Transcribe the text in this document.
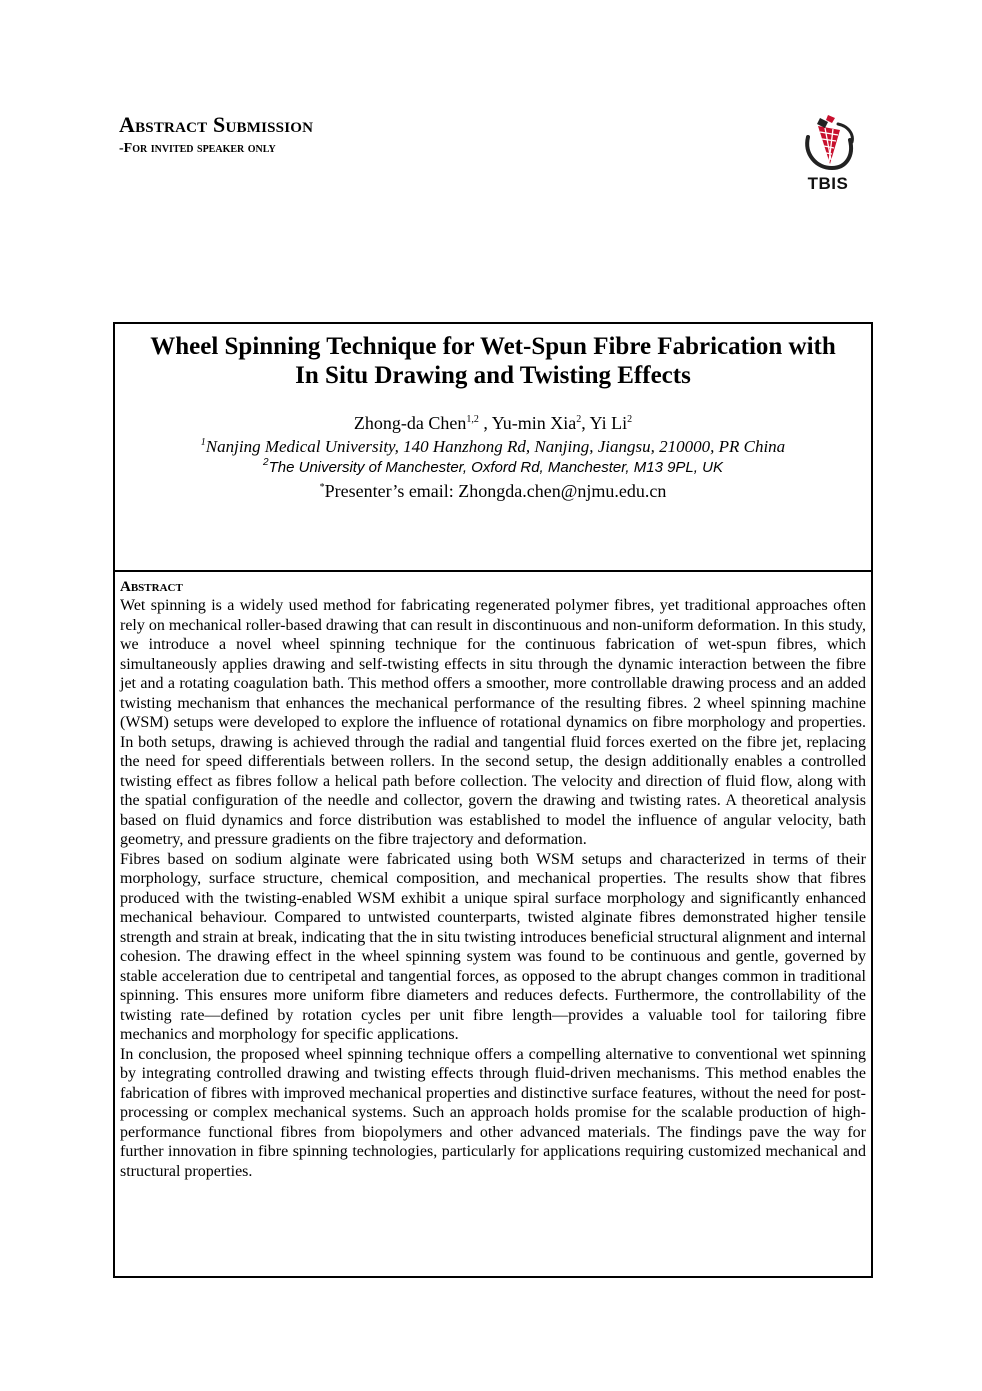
Abstract Submission
-For invited speaker only
TBIS
Wheel Spinning Technique for Wet-Spun Fibre Fabrication with
In Situ Drawing and Twisting Effects
Zhong-da Chen$^{1,2}$ , Yu-min Xia$^2$, Yi Li$^2$
$^1$Nanjing Medical University, 140 Hanzhong Rd, Nanjing, Jiangsu, 210000, PR China
$^2$The University of Manchester, Oxford Rd, Manchester, M13 9PL, UK
*Presenter’s email: Zhongda.chen@njmu.edu.cn

Abstract

Wet spinning is a widely used method for fabricating regenerated polymer fibres, yet traditional approaches often rely on mechanical roller-based drawing that can result in discontinuous and non-uniform deformation. In this study, we introduce a novel wheel spinning technique for the continuous fabrication of wet-spun fibres, which simultaneously applies drawing and self-twisting effects in situ through the dynamic interaction between the fibre jet and a rotating coagulation bath. This method offers a smoother, more controllable drawing process and an added twisting mechanism that enhances the mechanical performance of the resulting fibres. 2 wheel spinning machine (WSM) setups were developed to explore the influence of rotational dynamics on fibre morphology and properties. In both setups, drawing is achieved through the radial and tangential fluid forces exerted on the fibre jet, replacing the need for speed differentials between rollers. In the second setup, the design additionally enables a controlled twisting effect as fibres follow a helical path before collection. The velocity and direction of fluid flow, along with the spatial configuration of the needle and collector, govern the drawing and twisting rates. A theoretical analysis based on fluid dynamics and force distribution was established to model the influence of angular velocity, bath geometry, and pressure gradients on the fibre trajectory and deformation.

Fibres based on sodium alginate were fabricated using both WSM setups and characterized in terms of their morphology, surface structure, chemical composition, and mechanical properties. The results show that fibres produced with the twisting-enabled WSM exhibit a unique spiral surface morphology and significantly enhanced mechanical behaviour. Compared to untwisted counterparts, twisted alginate fibres demonstrated higher tensile strength and strain at break, indicating that the in situ twisting introduces beneficial structural alignment and internal cohesion. The drawing effect in the wheel spinning system was found to be continuous and gentle, governed by stable acceleration due to centripetal and tangential forces, as opposed to the abrupt changes common in traditional spinning. This ensures more uniform fibre diameters and reduces defects. Furthermore, the controllability of the twisting rate—defined by rotation cycles per unit fibre length—provides a valuable tool for tailoring fibre mechanics and morphology for specific applications.

In conclusion, the proposed wheel spinning technique offers a compelling alternative to conventional wet spinning by integrating controlled drawing and twisting effects through fluid-driven mechanisms. This method enables the fabrication of fibres with improved mechanical properties and distinctive surface features, without the need for post-processing or complex mechanical systems. Such an approach holds promise for the scalable production of high-performance functional fibres from biopolymers and other advanced materials. The findings pave the way for further innovation in fibre spinning technologies, particularly for applications requiring customized mechanical and structural properties.
